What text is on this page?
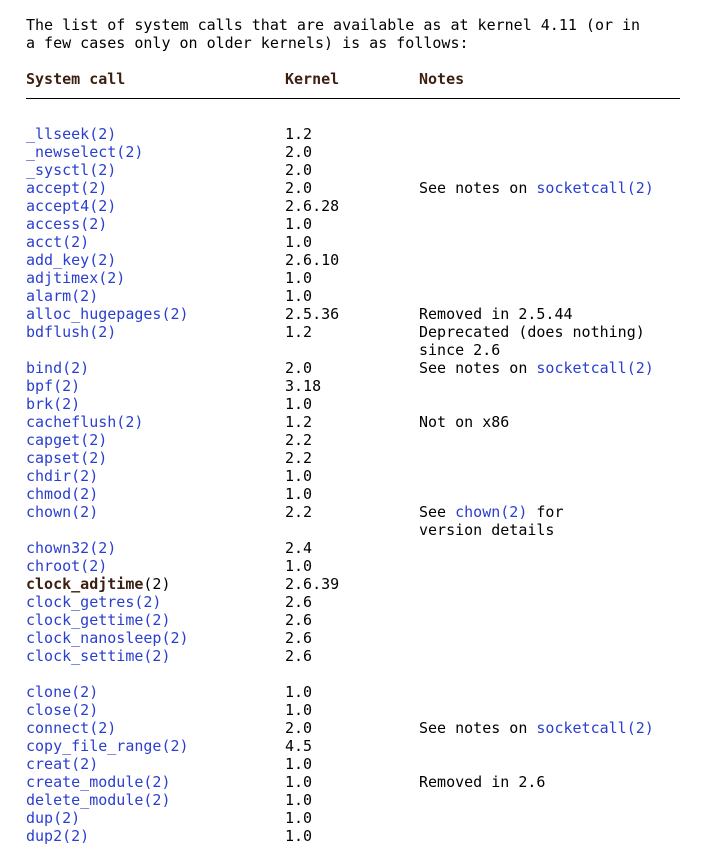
The list of system calls that are available as at kernel 4.11 (or in
a few cases only on older kernels) is as follows:

System call	Kernel	Notes
_llseek(2)	1.2
_newselect(2)	2.0
_sysctl(2)	2.0
accept(2)	2.0	See notes on socketcall(2)
accept4(2)	2.6.28
access(2)	1.0
acct(2)	1.0
add_key(2)	2.6.10
adjtimex(2)	1.0
alarm(2)	1.0
alloc_hugepages(2)	2.5.36	Removed in 2.5.44
bdflush(2)	1.2	Deprecated (does nothing)
since 2.6
bind(2)	2.0	See notes on socketcall(2)
bpf(2)	3.18
brk(2)	1.0
cacheflush(2)	1.2	Not on x86
capget(2)	2.2
capset(2)	2.2
chdir(2)	1.0
chmod(2)	1.0
chown(2)	2.2	See chown(2) for
version details
chown32(2)	2.4
chroot(2)	1.0
clock_adjtime(2)	2.6.39
clock_getres(2)	2.6
clock_gettime(2)	2.6
clock_nanosleep(2)	2.6
clock_settime(2)	2.6
clone(2)	1.0
close(2)	1.0
connect(2)	2.0	See notes on socketcall(2)
copy_file_range(2)	4.5
creat(2)	1.0
create_module(2)	1.0	Removed in 2.6
delete_module(2)	1.0
dup(2)	1.0
dup2(2)	1.0
